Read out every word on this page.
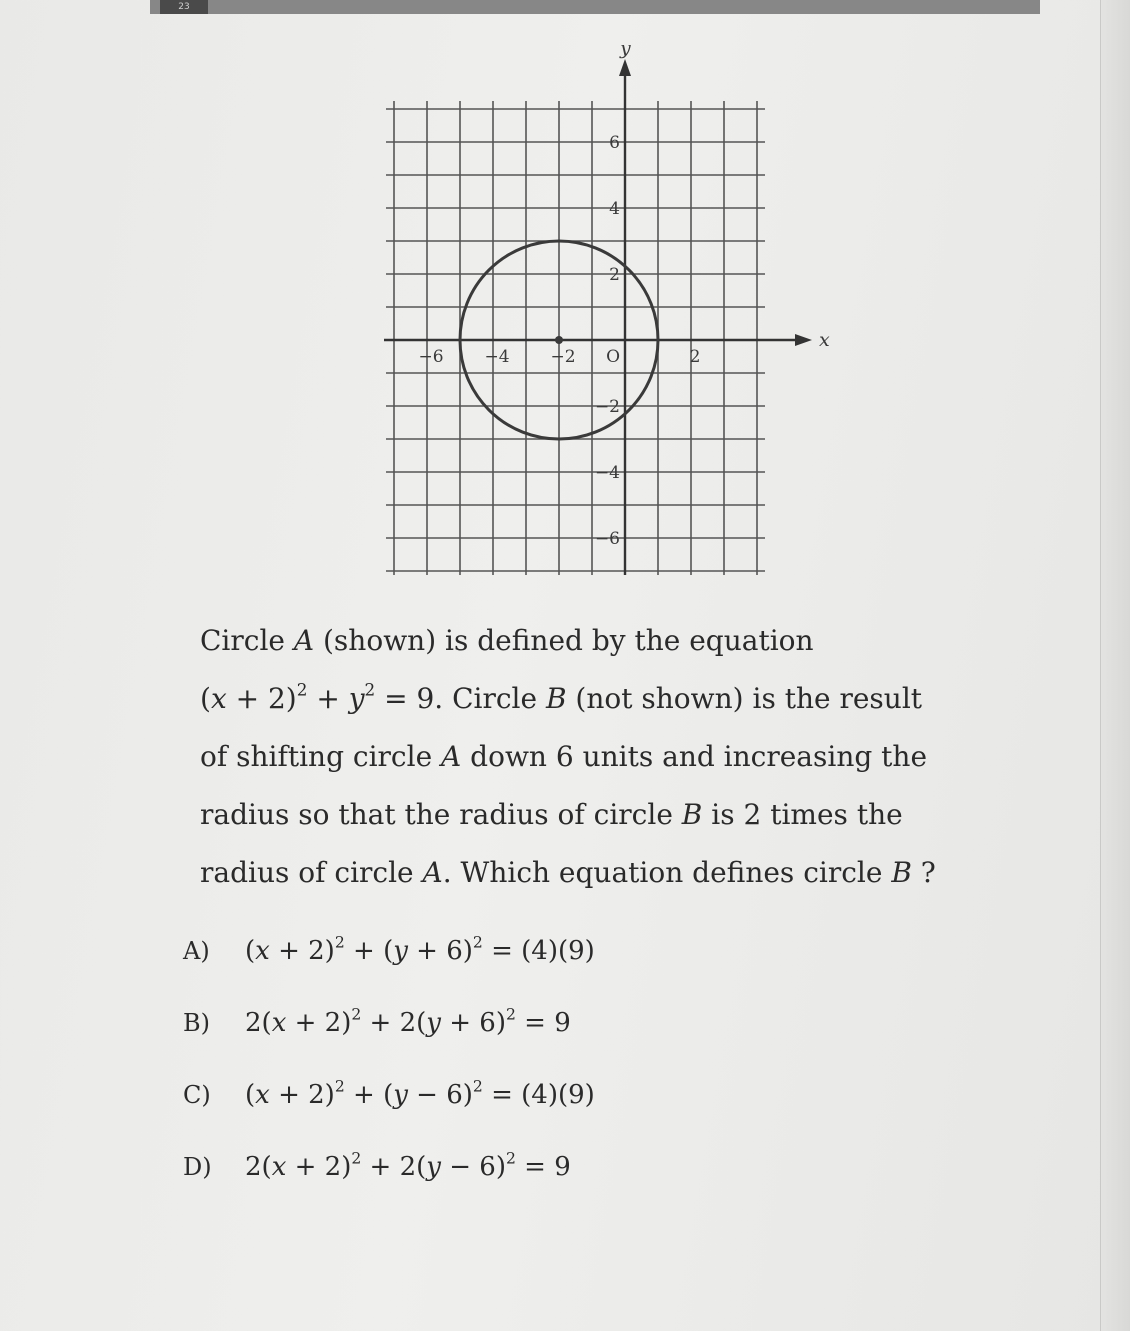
23
x
y
−6 −4 −2	2
6
4
2
−2
−4
−6
O

Circle A (shown) is defined by the equation

$(x + 2)^2 + y^2 = 9$. Circle B (not shown) is the result

of shifting circle A down 6 units and increasing the

radius so that the radius of circle B is 2 times the

radius of circle A. Which equation defines circle B ?

A)	$(x + 2)^2 + (y + 6)^2 = (4)(9)$
B)	$2(x + 2)^2 + 2(y + 6)^2 = 9$
C)	$(x + 2)^2 + (y - 6)^2 = (4)(9)$
D)	$2(x + 2)^2 + 2(y - 6)^2 = 9$
